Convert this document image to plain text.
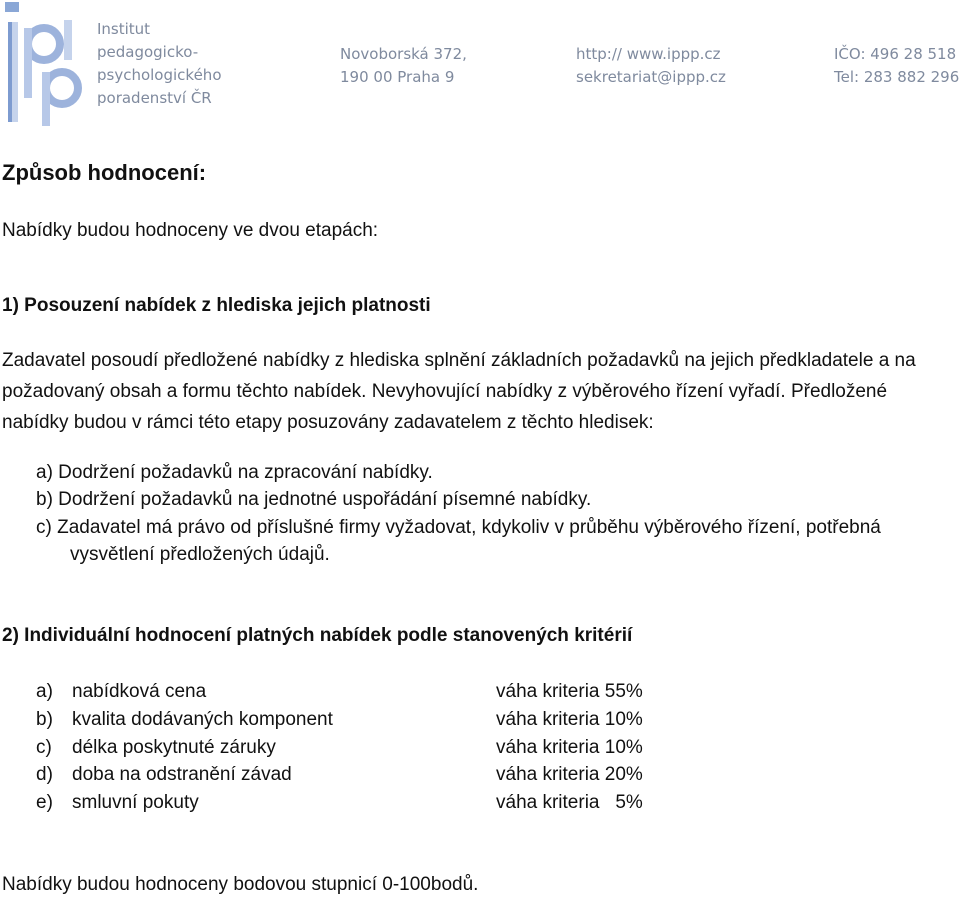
Institut
pedagogicko-
psychologického
poradenství ČR
Novoborská 372,
190 00 Praha 9
http:// www.ippp.cz
sekretariat@ippp.cz
IČO: 496 28 518
Tel: 283 882 296
Způsob hodnocení:
Nabídky budou hodnoceny ve dvou etapách:
1) Posouzení nabídek z hlediska jejich platnosti
Zadavatel posoudí předložené nabídky z hlediska splnění základních požadavků na jejich předkladatele a na požadovaný obsah a formu těchto nabídek. Nevyhovující nabídky z výběrového řízení vyřadí. Předložené nabídky budou v rámci této etapy posuzovány zadavatelem z těchto hledisek:
a) Dodržení požadavků na zpracování nabídky.
b) Dodržení požadavků na jednotné uspořádání písemné nabídky.
c) Zadavatel má právo od příslušné firmy vyžadovat, kdykoliv v průběhu výběrového řízení, potřebná vysvětlení předložených údajů.
2) Individuální hodnocení platných nabídek podle stanovených kritérií
a) nabídková cena	váha kriteria 55%
b) kvalita dodávaných komponent	váha kriteria 10%
c) délka poskytnuté záruky	váha kriteria 10%
d) doba na odstranění závad	váha kriteria 20%
e) smluvní pokuty	váha kriteria   5%
Nabídky budou hodnoceny bodovou stupnicí 0-100bodů.
